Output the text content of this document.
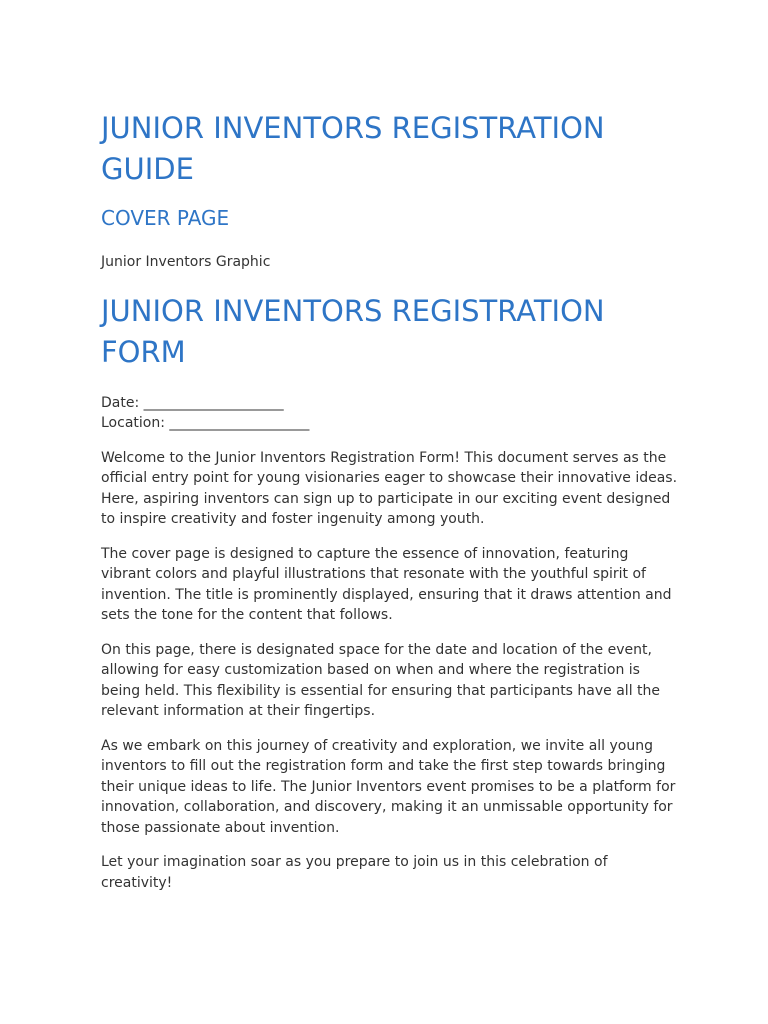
JUNIOR INVENTORS REGISTRATION GUIDE
COVER PAGE

Junior Inventors Graphic

JUNIOR INVENTORS REGISTRATION FORM

Date: ____________________
Location: ____________________

Welcome to the Junior Inventors Registration Form! This document serves as the official entry point for young visionaries eager to showcase their innovative ideas. Here, aspiring inventors can sign up to participate in our exciting event designed to inspire creativity and foster ingenuity among youth.

The cover page is designed to capture the essence of innovation, featuring vibrant colors and playful illustrations that resonate with the youthful spirit of invention. The title is prominently displayed, ensuring that it draws attention and sets the tone for the content that follows.

On this page, there is designated space for the date and location of the event, allowing for easy customization based on when and where the registration is being held. This flexibility is essential for ensuring that participants have all the relevant information at their fingertips.

As we embark on this journey of creativity and exploration, we invite all young inventors to fill out the registration form and take the first step towards bringing their unique ideas to life. The Junior Inventors event promises to be a platform for innovation, collaboration, and discovery, making it an unmissable opportunity for those passionate about invention.

Let your imagination soar as you prepare to join us in this celebration of creativity!
